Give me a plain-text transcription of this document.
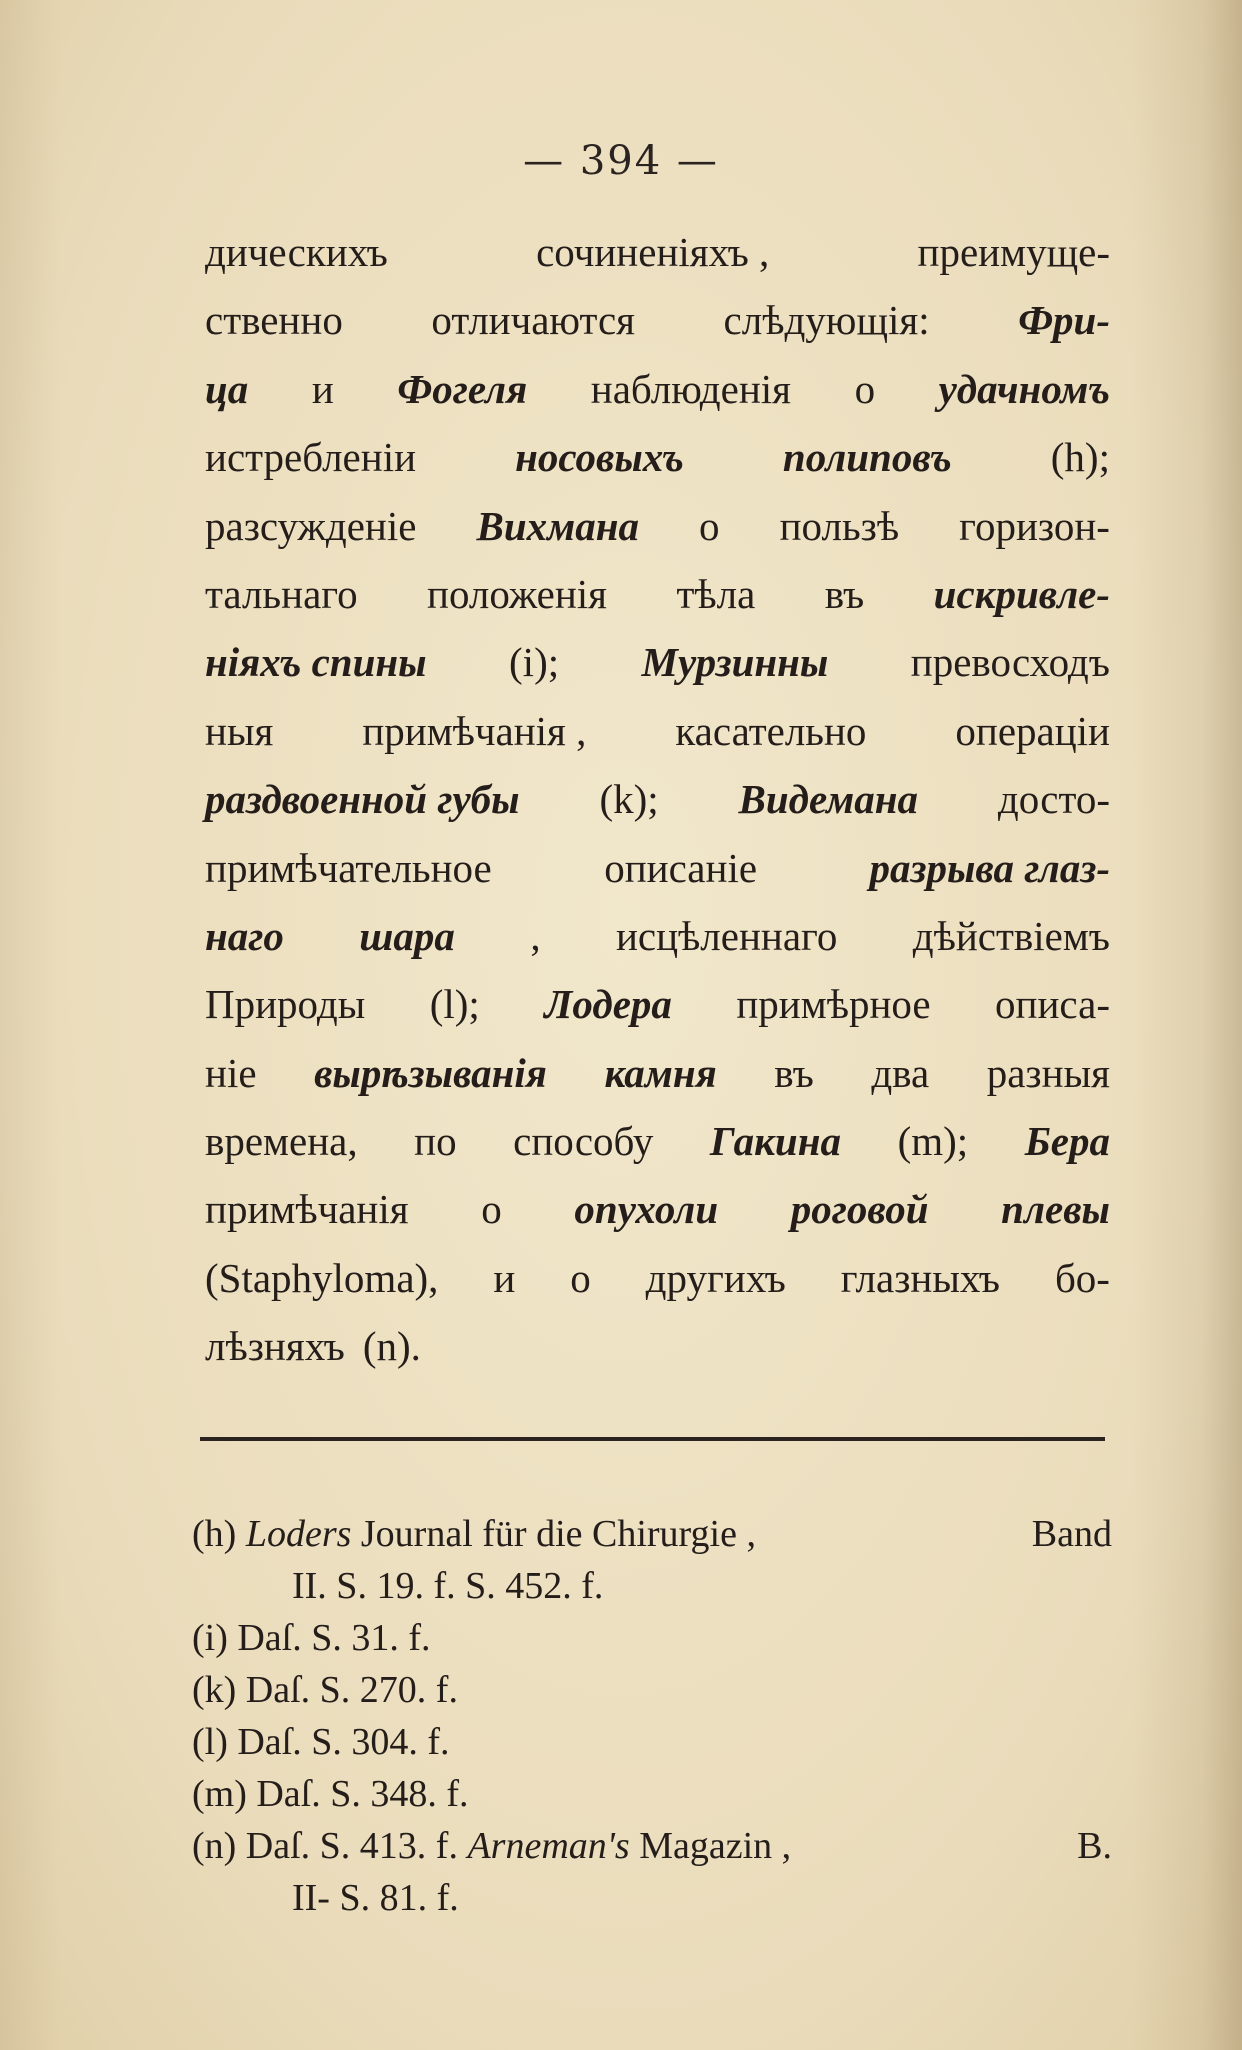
— 394 —
дическихъ	сочиненіяхъ ,	преимуще-
ственно отличаются слѣдующія: Фри-
ца и Фогеля наблюденія о удачномъ
истребленіи носовыхъ полиповъ (h);
разсужденіе Вихмана о пользѣ горизон-
тальнаго положенія тѣла въ искривле-
ніяхъ спины (i); Мурзинны превосходъ
ныя примѣчанія , касательно операціи
раздвоенной губы (k); Видемана досто-
примѣчательное	описаніе	разрыва глаз-
наго шара , исцѣленнаго дѣйствіемъ
Природы (l); Лодера примѣрное описа-
ніе вырѣзыванія камня въ два разныя
времена, по способу Гакина (m); Бера
примѣчанія о опухоли роговой плевы
(Staphyloma), и о другихъ глазныхъ бо-
лѣзняхъ (n).
(h) Loders Journal für die Chirurgie ,	Band
II. S. 19. f. S. 452. f.
(i) Daſ. S. 31. f.
(k) Daſ. S. 270. f.
(l) Daſ. S. 304. f.
(m) Daſ. S. 348. f.
(n) Daſ. S. 413. f. Arneman's Magazin ,	B.
II- S. 81. f.
